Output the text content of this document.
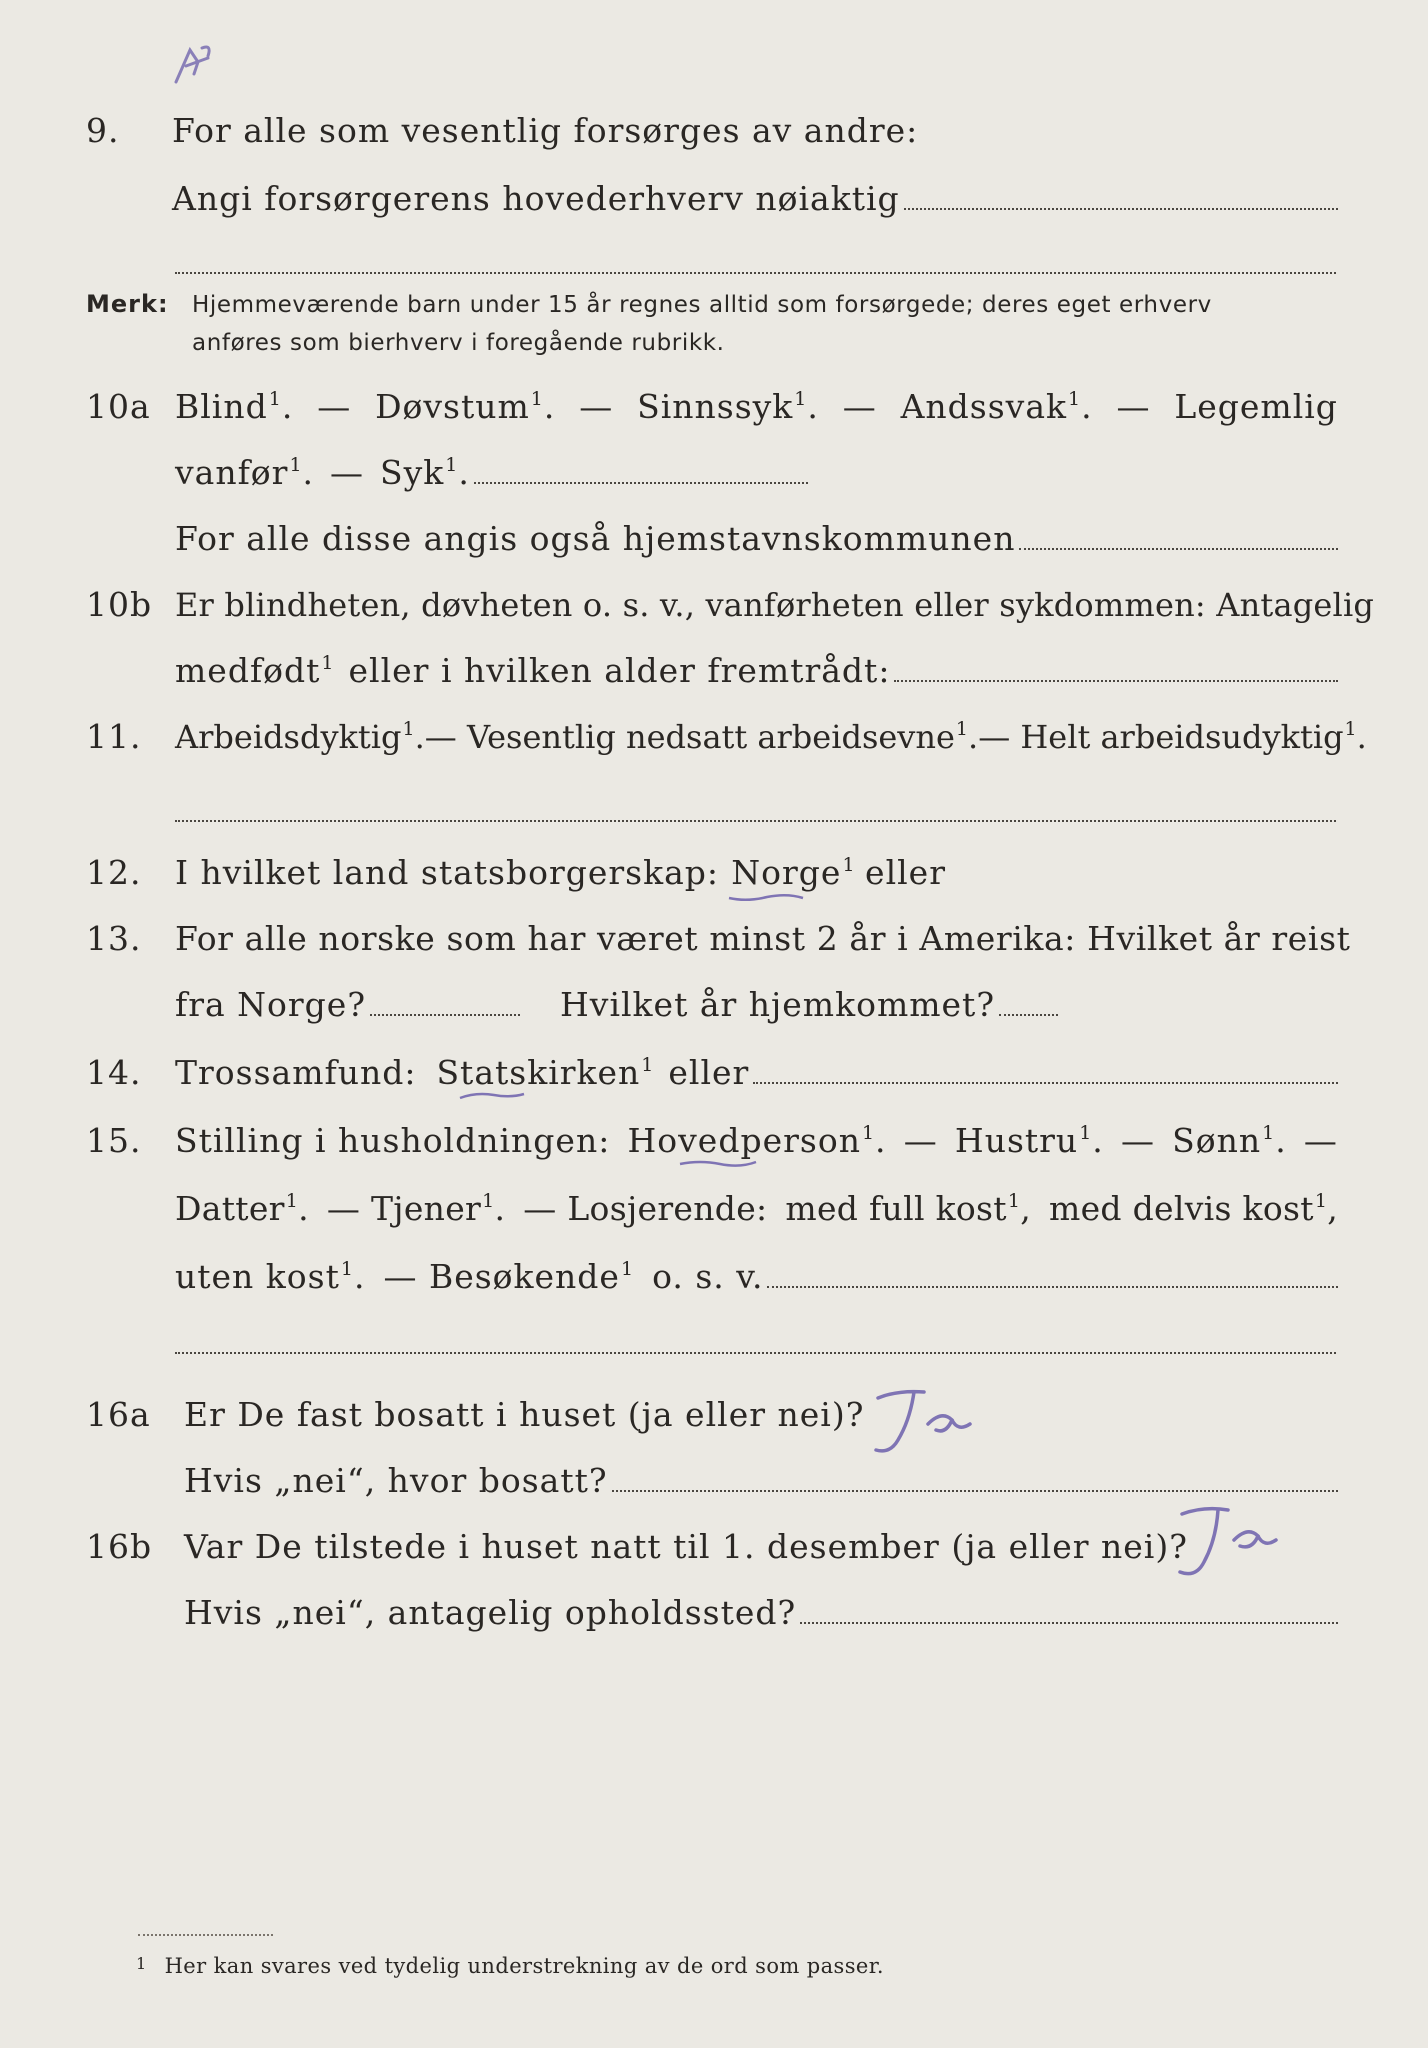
9. For alle som vesentlig forsørges av andre:
Angi forsørgerens hovederhverv nøiaktig
Merk: Hjemmeværende barn under 15 år regnes alltid som forsørgede; deres eget erhverv
anføres som bierhverv i foregående rubrikk.
10a Blind$^1$. — Døvstum$^1$. — Sinnssyk$^1$. — Andssvak$^1$. — Legemlig
vanfør$^1$. — Syk$^1$.
For alle disse angis også hjemstavnskommunen
10b Er blindheten, døvheten o. s. v., vanførheten eller sykdommen: Antagelig
medfødt$^1$ eller i hvilken alder fremtrådt:
11. Arbeidsdyktig$^1$. — Vesentlig nedsatt arbeidsevne$^1$. — Helt arbeidsudyktig$^1$.
12. I hvilket land statsborgerskap: Norge$^1$ eller
13. For alle norske som har været minst 2 år i Amerika: Hvilket år reist
fra Norge?	Hvilket år hjemkommet?
14. Trossamfund: Statskirken$^1$ eller
15. Stilling i husholdningen: Hovedperson$^1$. — Hustru$^1$. — Sønn$^1$. —
Datter$^1$. — Tjener$^1$. — Losjerende: med full kost$^1$, med delvis kost$^1$,
uten kost$^1$. — Besøkende$^1$ o. s. v.
16a Er De fast bosatt i huset (ja eller nei)?
Hvis „nei“, hvor bosatt?
16b Var De tilstede i huset natt til 1. desember (ja eller nei)?
Hvis „nei“, antagelig opholdssted?
1 Her kan svares ved tydelig understrekning av de ord som passer.
